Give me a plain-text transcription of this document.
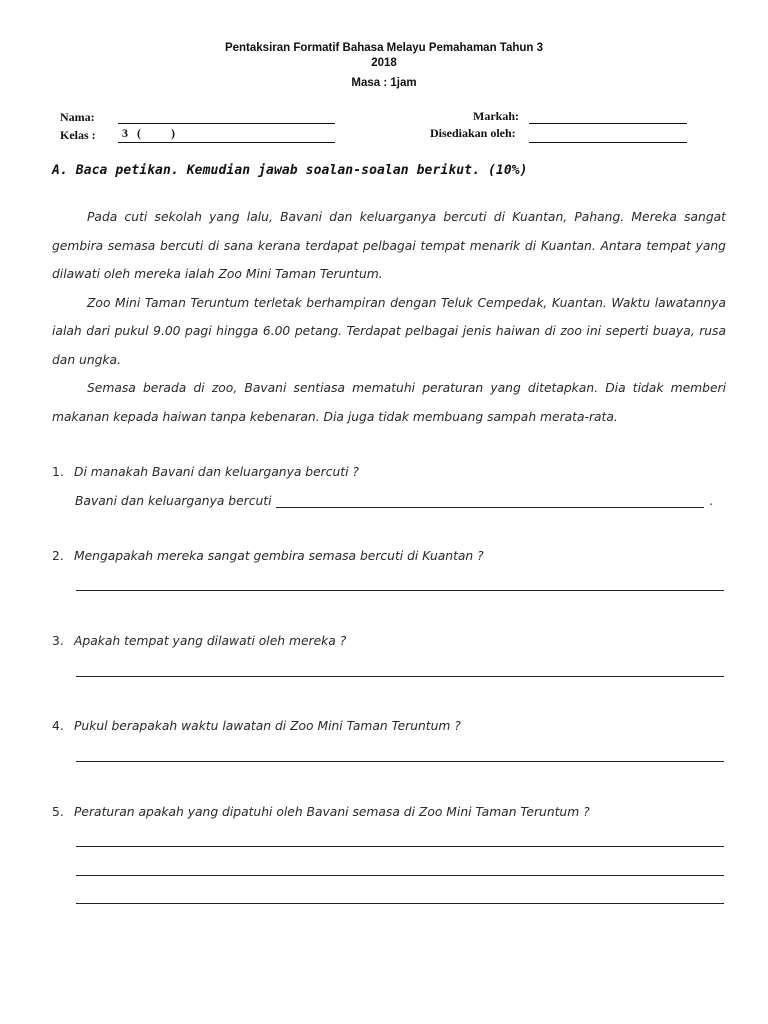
Pentaksiran Formatif Bahasa Melayu Pemahaman Tahun 3
2018
Masa : 1jam
Nama:
Kelas : 3   (          )
Markah:
Disediakan oleh:
A. Baca petikan. Kemudian jawab soalan-soalan berikut. (10%)

Pada cuti sekolah yang lalu, Bavani dan keluarganya bercuti di Kuantan, Pahang. Mereka sangat gembira semasa bercuti di sana kerana terdapat pelbagai tempat menarik di Kuantan. Antara tempat yang dilawati oleh mereka ialah Zoo Mini Taman Teruntum.

Zoo Mini Taman Teruntum terletak berhampiran dengan Teluk Cempedak, Kuantan. Waktu lawatannya ialah dari pukul 9.00 pagi hingga 6.00 petang. Terdapat pelbagai jenis haiwan di zoo ini seperti buaya, rusa dan ungka.

Semasa berada di zoo, Bavani sentiasa mematuhi peraturan yang ditetapkan. Dia tidak memberi makanan kepada haiwan tanpa kebenaran. Dia juga tidak membuang sampah merata-rata.

1. Di manakah Bavani dan keluarganya bercuti ?
Bavani dan keluarganya bercuti	.
2. Mengapakah mereka sangat gembira semasa bercuti di Kuantan ?
3. Apakah tempat yang dilawati oleh mereka ?
4. Pukul berapakah waktu lawatan di Zoo Mini Taman Teruntum ?
5. Peraturan apakah yang dipatuhi oleh Bavani semasa di Zoo Mini Taman Teruntum ?
